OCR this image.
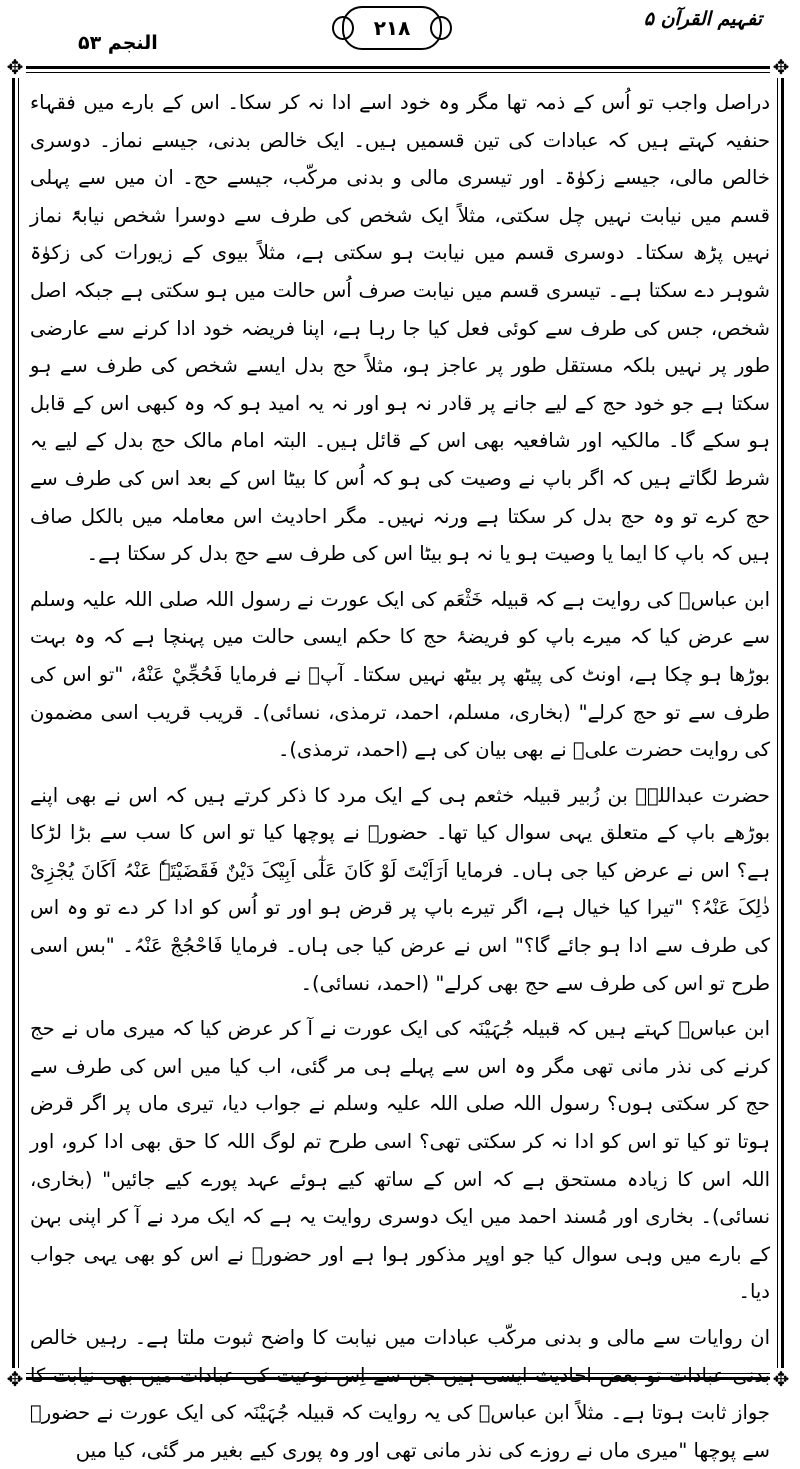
النجم ۵۳
۲۱۸	تفہیم القرآن ۵
✥	✥
✥	✥

دراصل واجب تو اُس کے ذمہ تھا مگر وہ خود اسے ادا نہ کر سکا۔ اس کے بارے میں فقہاء حنفیہ کہتے ہیں کہ عبادات کی تین قسمیں ہیں۔ ایک خالص بدنی، جیسے نماز۔ دوسری خالص مالی، جیسے زکوٰۃ۔ اور تیسری مالی و بدنی مرکّب، جیسے حج۔ ان میں سے پہلی قسم میں نیابت نہیں چل سکتی، مثلاً ایک شخص کی طرف سے دوسرا شخص نیابۃً نماز نہیں پڑھ سکتا۔ دوسری قسم میں نیابت ہو سکتی ہے، مثلاً بیوی کے زیورات کی زکوٰۃ شوہر دے سکتا ہے۔ تیسری قسم میں نیابت صرف اُس حالت میں ہو سکتی ہے جبکہ اصل شخص، جس کی طرف سے کوئی فعل کیا جا رہا ہے، اپنا فریضہ خود ادا کرنے سے عارضی طور پر نہیں بلکہ مستقل طور پر عاجز ہو، مثلاً حج بدل ایسے شخص کی طرف سے ہو سکتا ہے جو خود حج کے لیے جانے پر قادر نہ ہو اور نہ یہ امید ہو کہ وہ کبھی اس کے قابل ہو سکے گا۔ مالکیہ اور شافعیہ بھی اس کے قائل ہیں۔ البتہ امام مالک حج بدل کے لیے یہ شرط لگاتے ہیں کہ اگر باپ نے وصیت کی ہو کہ اُس کا بیٹا اس کے بعد اس کی طرف سے حج کرے تو وہ حج بدل کر سکتا ہے ورنہ نہیں۔ مگر احادیث اس معاملہ میں بالکل صاف ہیں کہ باپ کا ایما یا وصیت ہو یا نہ ہو بیٹا اس کی طرف سے حج بدل کر سکتا ہے۔

ابن عباسؓ کی روایت ہے کہ قبیلہ خَثْعَم کی ایک عورت نے رسول اللہ صلی اللہ علیہ وسلم سے عرض کیا کہ میرے باپ کو فریضۂ حج کا حکم ایسی حالت میں پہنچا ہے کہ وہ بہت بوڑھا ہو چکا ہے، اونٹ کی پیٹھ پر بیٹھ نہیں سکتا۔ آپؐ نے فرمایا فَحُجِّيْ عَنْهُ، "تو اس کی طرف سے تو حج کرلے" (بخاری، مسلم، احمد، ترمذی، نسائی)۔ قریب قریب اسی مضمون کی روایت حضرت علیؓ نے بھی بیان کی ہے (احمد، ترمذی)۔

حضرت عبداللہؓ بن زُبیر قبیلہ خثعم ہی کے ایک مرد کا ذکر کرتے ہیں کہ اس نے بھی اپنے بوڑھے باپ کے متعلق یہی سوال کیا تھا۔ حضورؐ نے پوچھا کیا تو اس کا سب سے بڑا لڑکا ہے؟ اس نے عرض کیا جی ہاں۔ فرمایا اَرَاَیْتَ لَوْ کَانَ عَلٰٓی اَبِیْکَ دَیْنٌ فَقَضَیْتَہٗ عَنْہُ اَکَانَ یُجْزِیْ ذٰلِکَ عَنْہُ؟ "تیرا کیا خیال ہے، اگر تیرے باپ پر قرض ہو اور تو اُس کو ادا کر دے تو وہ اس کی طرف سے ادا ہو جائے گا؟" اس نے عرض کیا جی ہاں۔ فرمایا فَاحْجُجْ عَنْہُ۔ "بس اسی طرح تو اس کی طرف سے حج بھی کرلے" (احمد، نسائی)۔

ابن عباسؓ کہتے ہیں کہ قبیلہ جُہَیْنَہ کی ایک عورت نے آ کر عرض کیا کہ میری ماں نے حج کرنے کی نذر مانی تھی مگر وہ اس سے پہلے ہی مر گئی، اب کیا میں اس کی طرف سے حج کر سکتی ہوں؟ رسول اللہ صلی اللہ علیہ وسلم نے جواب دیا، تیری ماں پر اگر قرض ہوتا تو کیا تو اس کو ادا نہ کر سکتی تھی؟ اسی طرح تم لوگ اللہ کا حق بھی ادا کرو، اور اللہ اس کا زیادہ مستحق ہے کہ اس کے ساتھ کیے ہوئے عہد پورے کیے جائیں" (بخاری، نسائی)۔ بخاری اور مُسند احمد میں ایک دوسری روایت یہ ہے کہ ایک مرد نے آ کر اپنی بہن کے بارے میں وہی سوال کیا جو اوپر مذکور ہوا ہے اور حضورؐ نے اس کو بھی یہی جواب دیا۔

ان روایات سے مالی و بدنی مرکّب عبادات میں نیابت کا واضح ثبوت ملتا ہے۔ رہیں خالص بدنی عبادات تو بعض احادیث ایسی ہیں جن سے اِس نوعیت کی عبادات میں بھی نیابت کا جواز ثابت ہوتا ہے۔ مثلاً ابن عباسؓ کی یہ روایت کہ قبیلہ جُہَیْنَہ کی ایک عورت نے حضورؐ سے پوچھا "میری ماں نے روزے کی نذر مانی تھی اور وہ پوری کیے بغیر مر گئی، کیا میں
